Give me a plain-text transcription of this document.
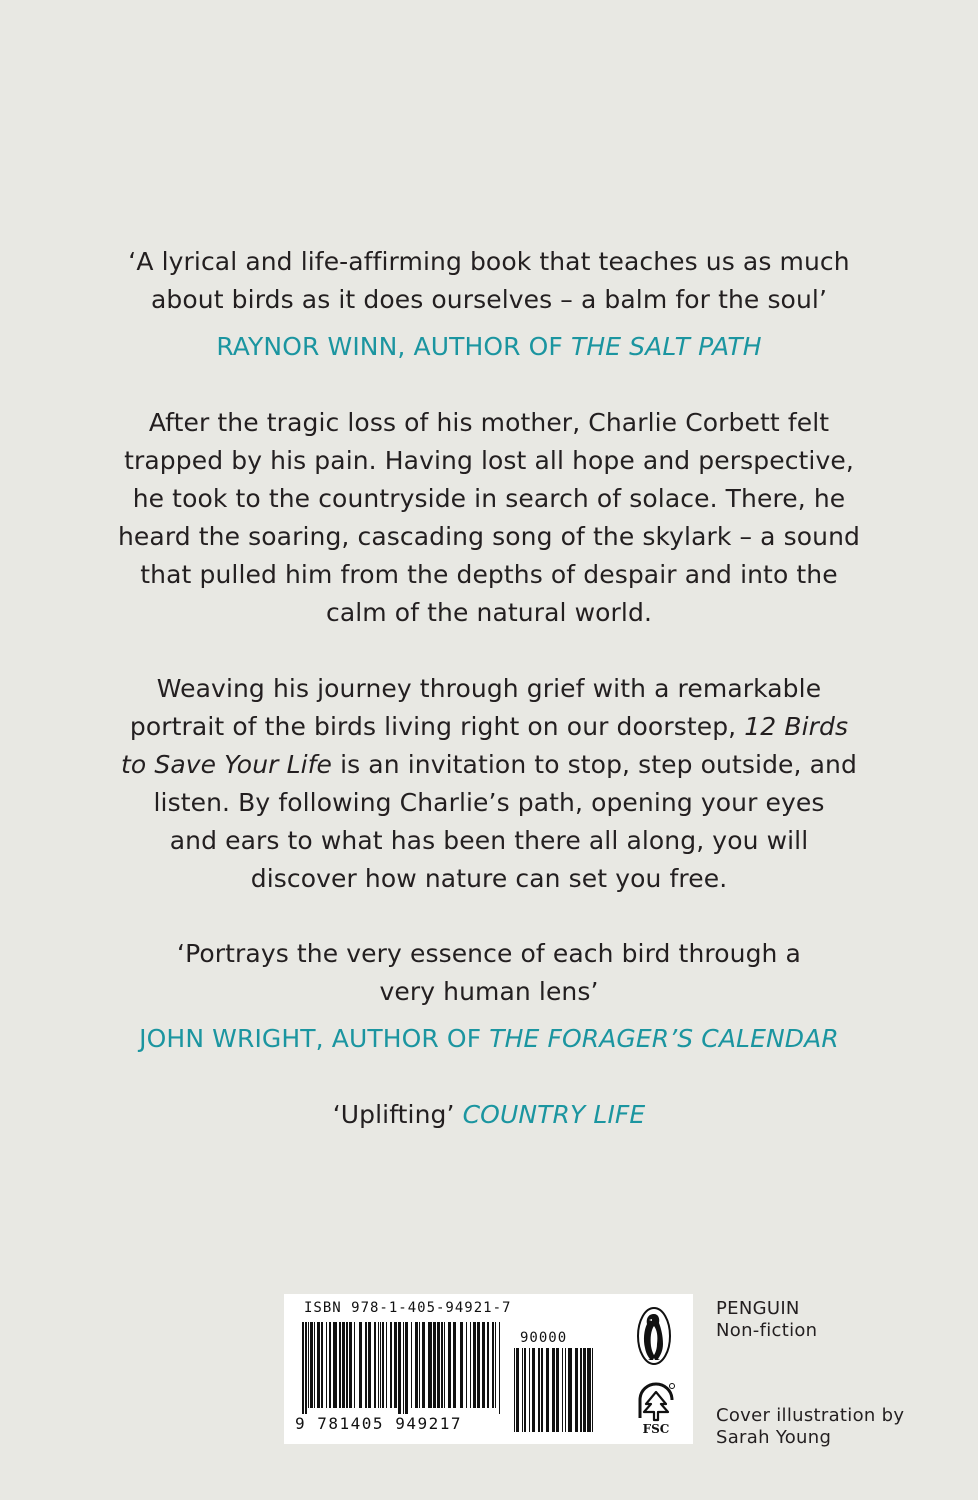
‘A lyrical and life-affirming book that teaches us as much
about birds as it does ourselves – a balm for the soul’
RAYNOR WINN, AUTHOR OF THE SALT PATH
After the tragic loss of his mother, Charlie Corbett felt
trapped by his pain. Having lost all hope and perspective,
he took to the countryside in search of solace. There, he
heard the soaring, cascading song of the skylark – a sound
that pulled him from the depths of despair and into the
calm of the natural world.
Weaving his journey through grief with a remarkable
portrait of the birds living right on our doorstep, 12 Birds
to Save Your Life is an invitation to stop, step outside, and
listen. By following Charlie’s path, opening your eyes
and ears to what has been there all along, you will
discover how nature can set you free.
‘Portrays the very essence of each bird through a
very human lens’
JOHN WRIGHT, AUTHOR OF THE FORAGER’S CALENDAR
‘Uplifting’ COUNTRY LIFE
ISBN 978-1-405-94921-7
90000
9 781405 949217	FSC
PENGUIN
Non-fiction
Cover illustration by
Sarah Young
